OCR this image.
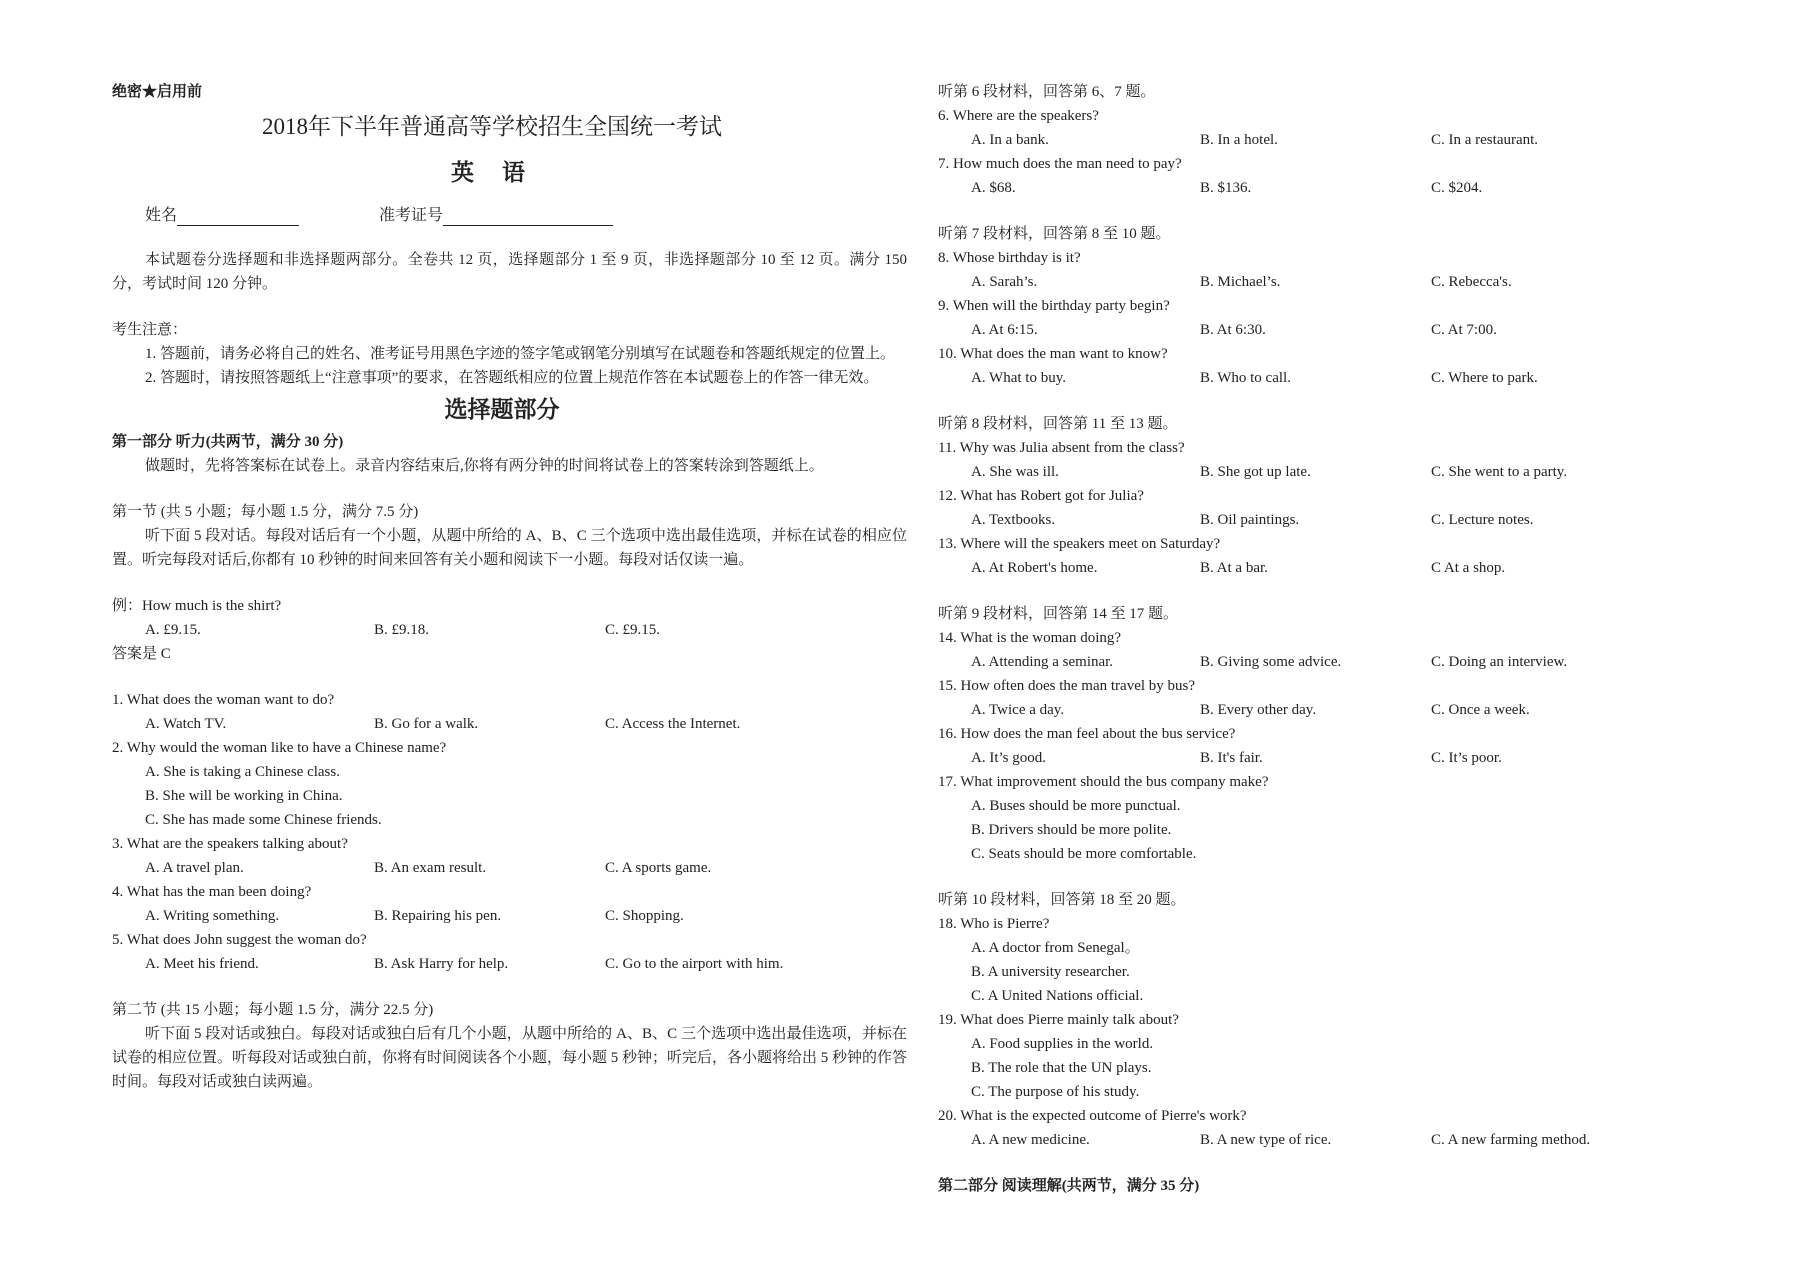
绝密★启用前
2018年下半年普通高等学校招生全国统一考试
英语
姓名	准考证号
本试题卷分选择题和非选择题两部分。全卷共 12 页，选择题部分 1 至 9 页，非选择题部分 10 至 12 页。满分 150 分，考试时间 120 分钟。
考生注意：
1. 答题前，请务必将自己的姓名、准考证号用黑色字迹的签字笔或钢笔分别填写在试题卷和答题纸规定的位置上。
2. 答题时，请按照答题纸上“注意事项”的要求，在答题纸相应的位置上规范作答在本试题卷上的作答一律无效。
选择题部分
第一部分 听力(共两节，满分 30 分)
做题时，先将答案标在试卷上。录音内容结束后,你将有两分钟的时间将试卷上的答案转涂到答题纸上。
第一节 (共 5 小题；每小题 1.5 分，满分 7.5 分)
听下面 5 段对话。每段对话后有一个小题，从题中所给的 A、B、C 三个选项中选出最佳选项，并标在试卷的相应位置。听完每段对话后,你都有 10 秒钟的时间来回答有关小题和阅读下一小题。每段对话仅读一遍。
例：How much is the shirt?
A. £9.15.	B. £9.18.	C. £9.15.
答案是 C
1. What does the woman want to do?
A. Watch TV.	B. Go for a walk.	C. Access the Internet.
2. Why would the woman like to have a Chinese name?
A. She is taking a Chinese class.
B. She will be working in China.
C. She has made some Chinese friends.
3. What are the speakers talking about?
A. A travel plan.	B. An exam result.	C. A sports game.
4. What has the man been doing?
A. Writing something.	B. Repairing his pen.	C. Shopping.
5. What does John suggest the woman do?
A. Meet his friend.	B. Ask Harry for help.	C. Go to the airport with him.
第二节 (共 15 小题；每小题 1.5 分，满分 22.5 分)
听下面 5 段对话或独白。每段对话或独白后有几个小题，从题中所给的 A、B、C 三个选项中选出最佳选项，并标在试卷的相应位置。听每段对话或独白前，你将有时间阅读各个小题，每小题 5 秒钟；听完后，各小题将给出 5 秒钟的作答时间。每段对话或独白读两遍。
听第 6 段材料，回答第 6、7 题。
6. Where are the speakers?
A. In a bank.	B. In a hotel.	C. In a restaurant.
7. How much does the man need to pay?
A. $68.	B. $136.	C. $204.
听第 7 段材料，回答第 8 至 10 题。
8. Whose birthday is it?
A. Sarah’s.	B. Michael’s.	C. Rebecca's.
9. When will the birthday party begin?
A. At 6:15.	B. At 6:30.	C. At 7:00.
10. What does the man want to know?
A. What to buy.	B. Who to call.	C. Where to park.
听第 8 段材料，回答第 11 至 13 题。
11. Why was Julia absent from the class?
A. She was ill.	B. She got up late.	C. She went to a party.
12. What has Robert got for Julia?
A. Textbooks.	B. Oil paintings.	C. Lecture notes.
13. Where will the speakers meet on Saturday?
A. At Robert's home.	B. At a bar.	C At a shop.
听第 9 段材料，回答第 14 至 17 题。
14. What is the woman doing?
A. Attending a seminar.	B. Giving some advice.	C. Doing an interview.
15. How often does the man travel by bus?
A. Twice a day.	B. Every other day.	C. Once a week.
16. How does the man feel about the bus service?
A. It’s good.	B. It's fair.	C. It’s poor.
17. What improvement should the bus company make?
A. Buses should be more punctual.
B. Drivers should be more polite.
C. Seats should be more comfortable.
听第 10 段材料，回答第 18 至 20 题。
18. Who is Pierre?
A. A doctor from Senegal。
B. A university researcher.
C. A United Nations official.
19. What does Pierre mainly talk about?
A. Food supplies in the world.
B. The role that the UN plays.
C. The purpose of his study.
20. What is the expected outcome of Pierre's work?
A. A new medicine.	B. A new type of rice.	C. A new farming method.
第二部分 阅读理解(共两节，满分 35 分)
